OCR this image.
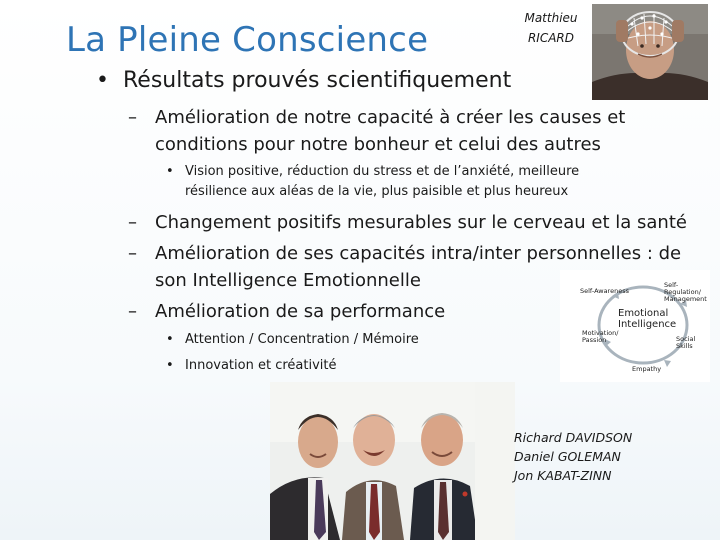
La Pleine Conscience
Matthieu
RICARD
• Résultats prouvés scientifiquement
– Amélioration de notre capacité à créer les causes et
conditions pour notre bonheur et celui des autres
• Vision positive, réduction du stress et de l’anxiété, meilleure
résilience aux aléas de la vie, plus paisible et plus heureux
– Changement positifs mesurables sur le cerveau et la santé
– Amélioration de ses capacités intra/inter personnelles : de
son Intelligence Emotionnelle
– Amélioration de sa performance
• Attention / Concentration / Mémoire
• Innovation et créativité
Emotional
Intelligence
Self-Awareness
Self-Regulation/
Management
Motivation/
Passion	Social Skills
Empathy
Richard DAVIDSON
Daniel GOLEMAN
Jon KABAT-ZINN
